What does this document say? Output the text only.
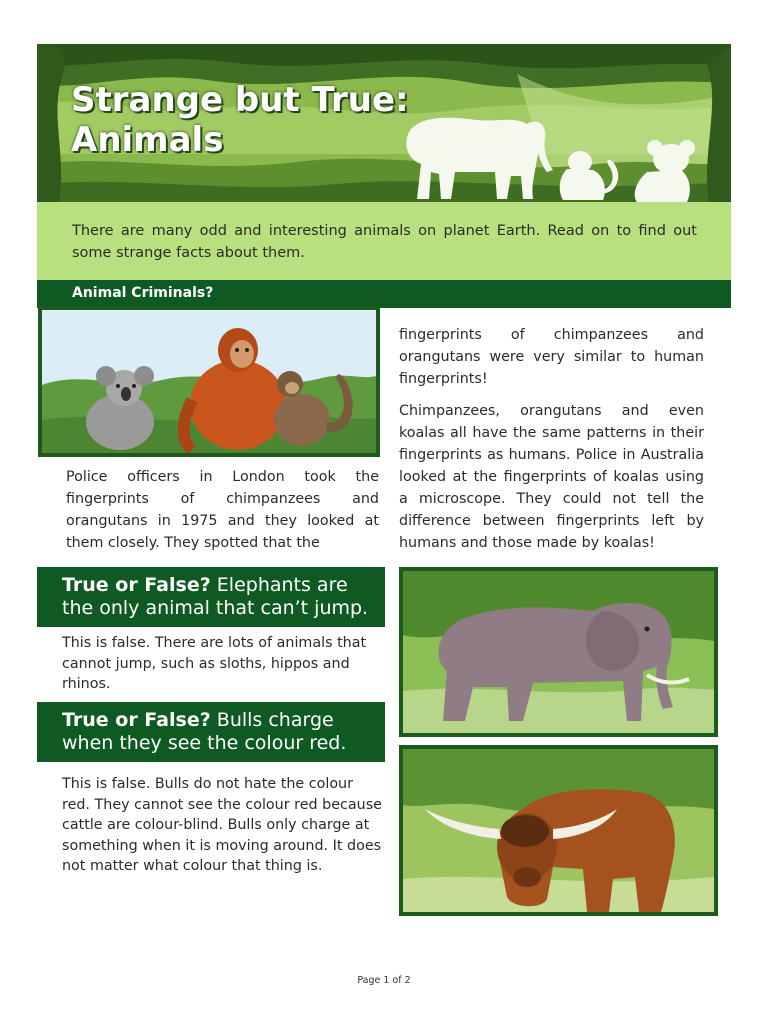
Strange but True:
Animals

There are many odd and interesting animals on planet Earth. Read on to find out some strange facts about them.

Animal Criminals?

Police officers in London took the fingerprints of chimpanzees and orangutans in 1975 and they looked at them closely. They spotted that the

fingerprints of chimpanzees and orangutans were very similar to human fingerprints!

Chimpanzees, orangutans and even koalas all have the same patterns in their fingerprints as humans. Police in Australia looked at the fingerprints of koalas using a microscope. They could not tell the difference between fingerprints left by humans and those made by koalas!

True or False? Elephants are the only animal that can’t jump.

This is false. There are lots of animals that cannot jump, such as sloths, hippos and rhinos.

True or False? Bulls charge when they see the colour red.

This is false. Bulls do not hate the colour red. They cannot see the colour red because cattle are colour-blind. Bulls only charge at something when it is moving around. It does not matter what colour that thing is.

Page 1 of 2
